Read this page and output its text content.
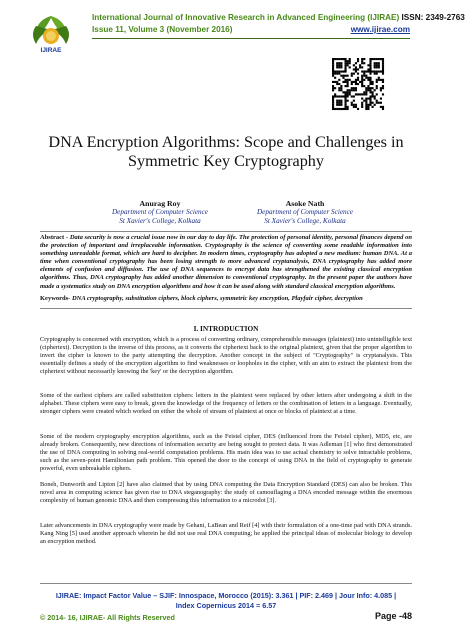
IJIRAE
International Journal of Innovative Research in Advanced Engineering (IJIRAE) ISSN: 2349-2763
Issue 11, Volume 3 (November 2016)	www.ijirae.com
DNA Encryption Algorithms: Scope and Challenges in Symmetric Key Cryptography
Anurag Roy
Department of Computer Science
St Xavier's College, Kolkata
Asoke Nath
Department of Computer Science
St Xavier's College, Kolkata
Abstract - Data security is now a crucial issue now in our day to day life. The protection of personal identity, personal finances depend on the protection of important and irreplaceable information. Cryptography is the science of converting some readable information into something unreadable format, which are hard to decipher. In modern times, cryptography has adopted a new medium: human DNA. At a time when conventional cryptography has been losing strength to more advanced cryptanalysis, DNA cryptography has added more elements of confusion and diffusion. The use of DNA sequences to encrypt data has strengthened the existing classical encryption algorithms. Thus, DNA cryptography has added another dimension to conventional cryptography. In the present paper the authors have made a systematics study on DNA encryption algorithms and how it can be used along with standard classical encryption algorithms.
Keywords- DNA cryptography, substitution ciphers, block ciphers, symmetric key encryption, Playfair cipher, decryption
I. INTRODUCTION
Cryptography is concerned with encryption, which is a process of converting ordinary, comprehensible messages (plaintext) into unintelligible text (ciphertext). Decryption is the inverse of this process, as it converts the ciphertext back to the original plaintext, given that the proper algorithm to invert the cipher is known to the party attempting the decryption. Another concept in the subject of "Cryptography" is cryptanalysis. This essentially defines a study of the encryption algorithm to find weaknesses or loopholes in the cipher, with an aim to extract the plaintext from the ciphertext without necessarily knowing the 'key' or the decryption algorithm.
Some of the earliest ciphers are called substitution ciphers: letters in the plaintext were replaced by other letters after undergoing a shift in the alphabet. These ciphers were easy to break, given the knowledge of the frequency of letters or the combination of letters in a language. Eventually, stronger ciphers were created which worked on either the whole of stream of plaintext at once or blocks of plaintext at a time.
Some of the modern cryptography encryption algorithms, such as the Feistel cipher, DES (influenced from the Feistel cipher), MD5, etc, are already broken. Consequently, new directions of information security are being sought to protect data. It was Adleman [1] who first demonstrated the use of DNA computing in solving real-world computation problems. His main idea was to use actual chemistry to solve intractable problems, such as the seven-point Hamiltonian path problem. This opened the door to the concept of using DNA in the field of cryptography to generate powerful, even unbreakable ciphers.
Boneh, Dunworth and Lipton [2] have also claimed that by using DNA computing the Data Encryption Standard (DES) can also be broken. This novel area in computing science has given rise to DNA steganography: the study of camouflaging a DNA encoded message within the enormous complexity of human genomic DNA and then compressing this information to a microdot [3].
Later advancements in DNA cryptography were made by Gehani, LaBean and Reif [4] with their formulation of a one-time pad with DNA strands. Kang Ning [5] used another approach wherein he did not use real DNA computing; he applied the principal ideas of molecular biology to develop an encryption method.
IJIRAE: Impact Factor Value – SJIF: Innospace, Morocco (2015): 3.361 | PIF: 2.469 | Jour Info: 4.085 |
Index Copernicus 2014 = 6.57
© 2014- 16, IJIRAE- All Rights Reserved	Page -48
